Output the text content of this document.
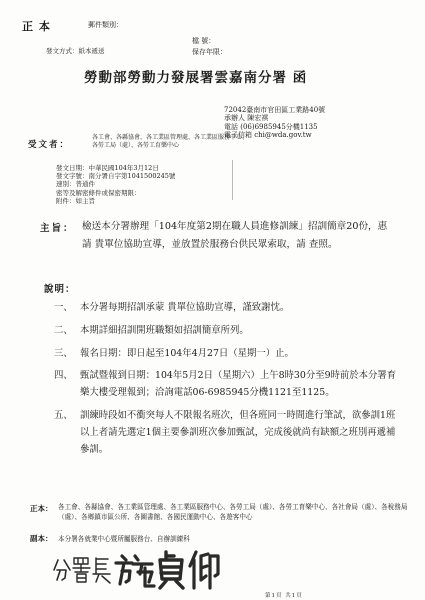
正 本	郵件類別：
發文方式：紙本遞送
檔 號：
保存年限：
勞動部勞動力發展署雲嘉南分署 函
72042臺南市官田區工業路40號
承辦人 陳宏祺
電話 (06)6985945分機1135
電子信箱 chi@wda.gov.tw
受文者：
各工會、各縣協會、各工業區管理處、各工業區服務中心、各勞工局（處）、各勞工育樂中心
發文日期：中華民國104年3月12日
發文字號：南分署自字第1041500245號
速別：普通件
密等及解密條件或保密期限：
附件：如主旨
主旨： 檢送本分署辦理「104年度第2期在職人員進修訓練」招訓簡章20份，惠請 貴單位協助宣導，並放置於服務台供民眾索取，請 查照。
說明：
一、 本分署每期招訓承蒙 貴單位協助宣導，謹致謝忱。
二、 本期詳細招訓開班職類如招訓簡章所列。
三、 報名日期：即日起至104年4月27日（星期一）止。
四、 甄試暨報到日期：104年5月2日（星期六）上午8時30分至9時前於本分署育樂大樓受理報到；洽詢電話06-6985945分機1121至1125。
五、 訓練時段如不衝突每人不限報名班次，但各班同一時間進行筆試，欲參訓1班以上者請先選定1個主要參訓班次參加甄試，完成後就尚有缺額之班別再遞補參訓。
正本： 各工會、各縣協會、各工業區管理處、各工業區服務中心、各勞工局（處）、各勞工育樂中心、各社會局（處）、各稅務局（處）、各鄉鎮市區公所、各圖書館、各國民運動中心、各遊客中心
副本： 本分署各就業中心暨所屬服務台、自辦訓練科
第1頁 共1頁
